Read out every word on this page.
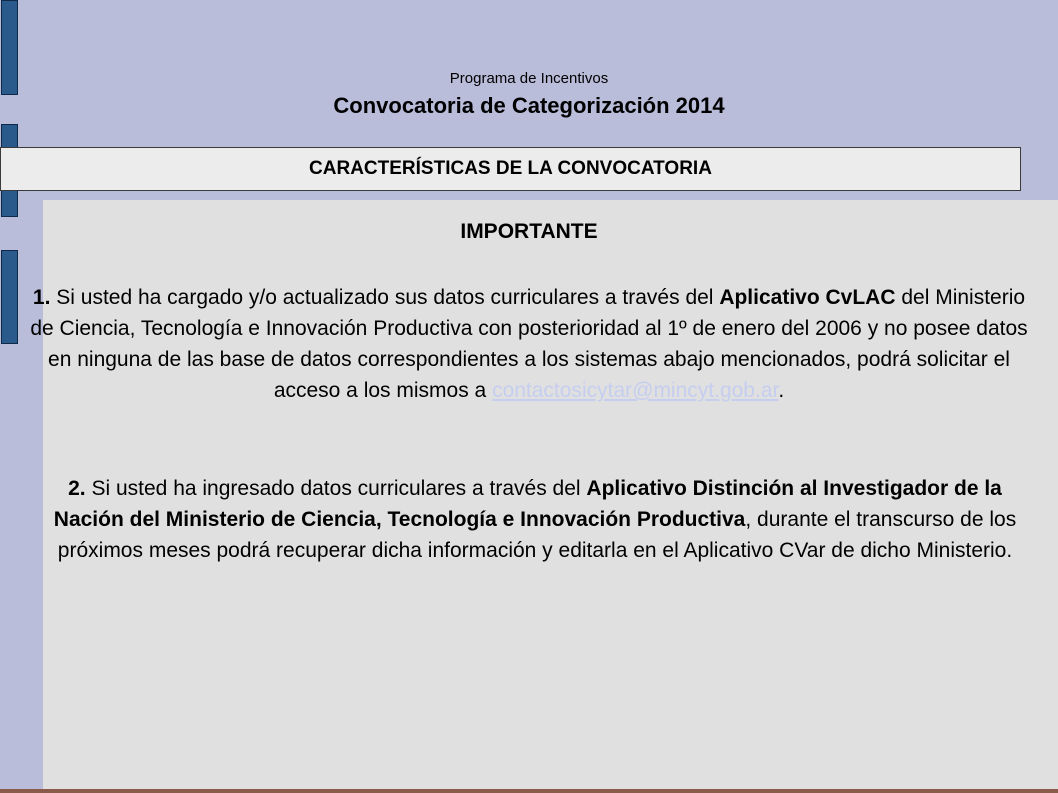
Programa de Incentivos
Convocatoria de Categorización 2014
CARACTERÍSTICAS DE LA CONVOCATORIA
IMPORTANTE
1. Si usted ha cargado y/o actualizado sus datos curriculares a través del Aplicativo CvLAC del Ministerio de Ciencia, Tecnología e Innovación Productiva con posterioridad al 1º de enero del 2006 y no posee datos en ninguna de las base de datos correspondientes a los sistemas abajo mencionados, podrá solicitar el acceso a los mismos a contactosicytar@mincyt.gob.ar.
2. Si usted ha ingresado datos curriculares a través del Aplicativo Distinción al Investigador de la Nación del Ministerio de Ciencia, Tecnología e Innovación Productiva, durante el transcurso de los próximos meses podrá recuperar dicha información y editarla en el Aplicativo CVar de dicho Ministerio.
